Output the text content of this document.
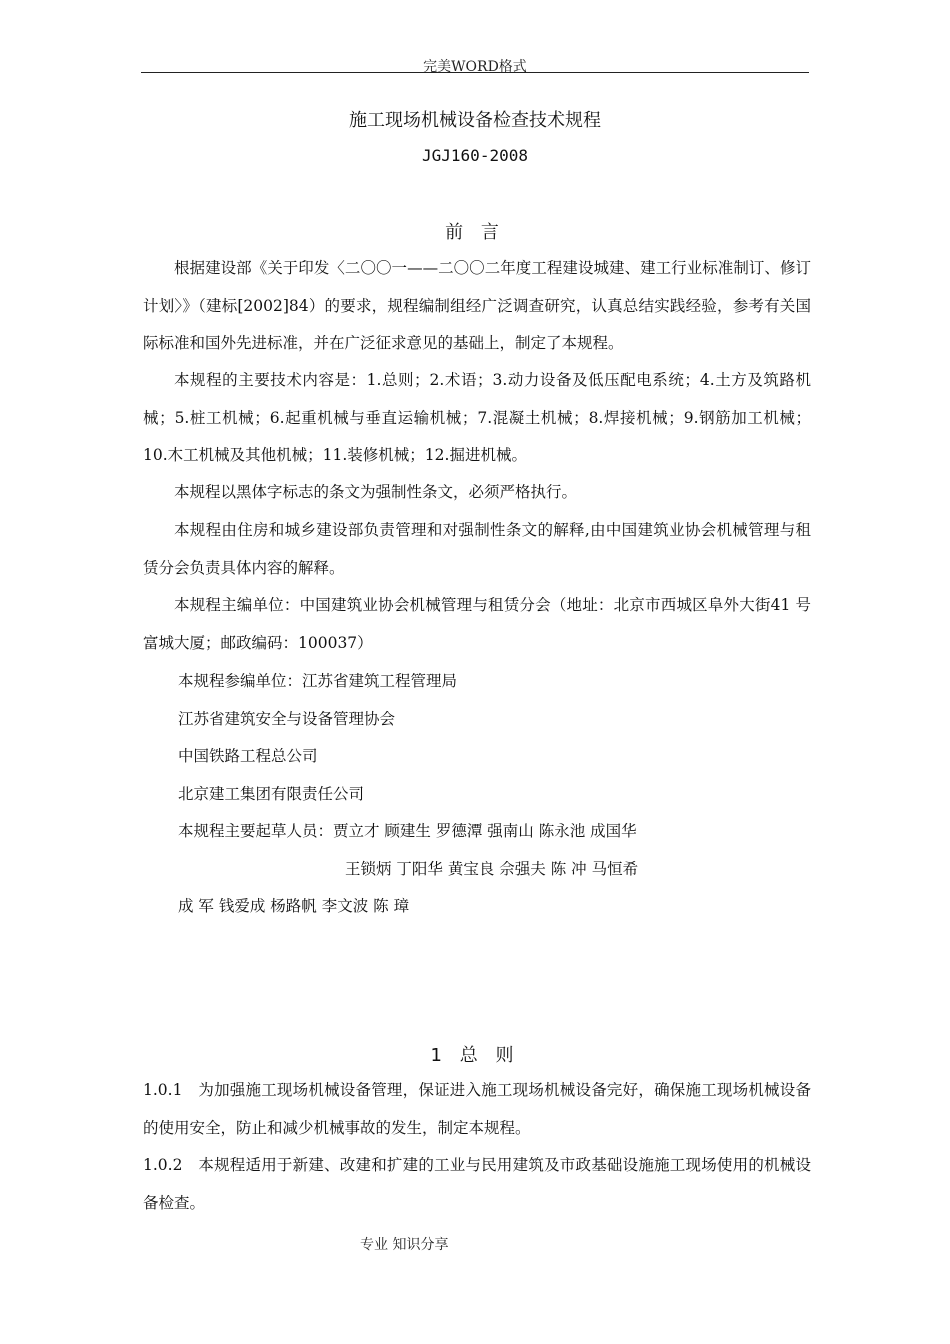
完美WORD格式
施工现场机械设备检查技术规程
JGJ160-2008
前 言
根据建设部《关于印发〈二〇〇一——二〇〇二年度工程建设城建、建工行业标准制订、修订计划〉》（建标[2002]84）的要求，规程编制组经广泛调查研究，认真总结实践经验，参考有关国际标准和国外先进标准，并在广泛征求意见的基础上，制定了本规程。
本规程的主要技术内容是：1.总则；2.术语；3.动力设备及低压配电系统；4.土方及筑路机械；5.桩工机械；6.起重机械与垂直运输机械；7.混凝土机械；8.焊接机械；9.钢筋加工机械；10.木工机械及其他机械；11.装修机械；12.掘进机械。
本规程以黑体字标志的条文为强制性条文，必须严格执行。
本规程由住房和城乡建设部负责管理和对强制性条文的解释,由中国建筑业协会机械管理与租赁分会负责具体内容的解释。
本规程主编单位：中国建筑业协会机械管理与租赁分会（地址：北京市西城区阜外大街41 号富城大厦；邮政编码：100037）
本规程参编单位：江苏省建筑工程管理局
江苏省建筑安全与设备管理协会
中国铁路工程总公司
北京建工集团有限责任公司
本规程主要起草人员：贾立才 顾建生 罗德潭 强南山 陈永池 成国华
王锁炳 丁阳华 黄宝良 佘强夫 陈 冲 马恒希
成 军 钱爱成 杨路帆 李文波 陈 璋
1 总 则
1.0.1　为加强施工现场机械设备管理，保证进入施工现场机械设备完好，确保施工现场机械设备的使用安全，防止和减少机械事故的发生，制定本规程。
1.0.2　本规程适用于新建、改建和扩建的工业与民用建筑及市政基础设施施工现场使用的机械设备检查。
专业 知识分享
